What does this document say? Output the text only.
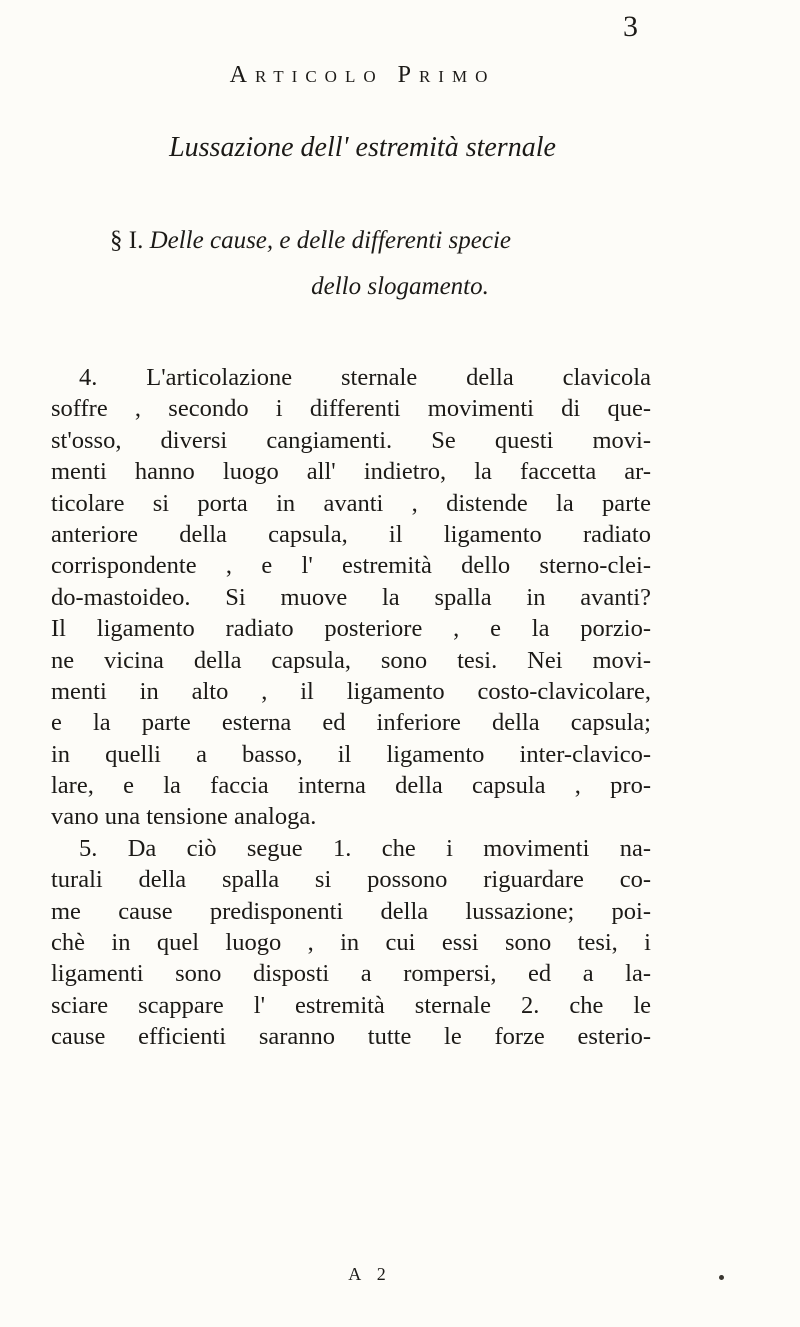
3
Articolo Primo
Lussazione dell' estremità sternale
§ I. Delle cause, e delle differenti specie
dello slogamento.
4. L'articolazione sternale della clavicola
soffre , secondo i differenti movimenti di que-
st'osso, diversi cangiamenti. Se questi movi-
menti hanno luogo all' indietro, la faccetta ar-
ticolare si porta in avanti , distende la parte
anteriore della capsula, il ligamento radiato
corrispondente , e l' estremità dello sterno-clei-
do-mastoideo. Si muove la spalla in avanti?
Il ligamento radiato posteriore , e la porzio-
ne vicina della capsula, sono tesi. Nei movi-
menti in alto , il ligamento costo-clavicolare,
e la parte esterna ed inferiore della capsula;
in quelli a basso, il ligamento inter-clavico-
lare, e la faccia interna della capsula , pro-
vano una tensione analoga.
5. Da ciò segue 1. che i movimenti na-
turali della spalla si possono riguardare co-
me cause predisponenti della lussazione; poi-
chè in quel luogo , in cui essi sono tesi, i
ligamenti sono disposti a rompersi, ed a la-
sciare scappare l' estremità sternale 2. che le
cause efficienti saranno tutte le forze esterio-
A 2
